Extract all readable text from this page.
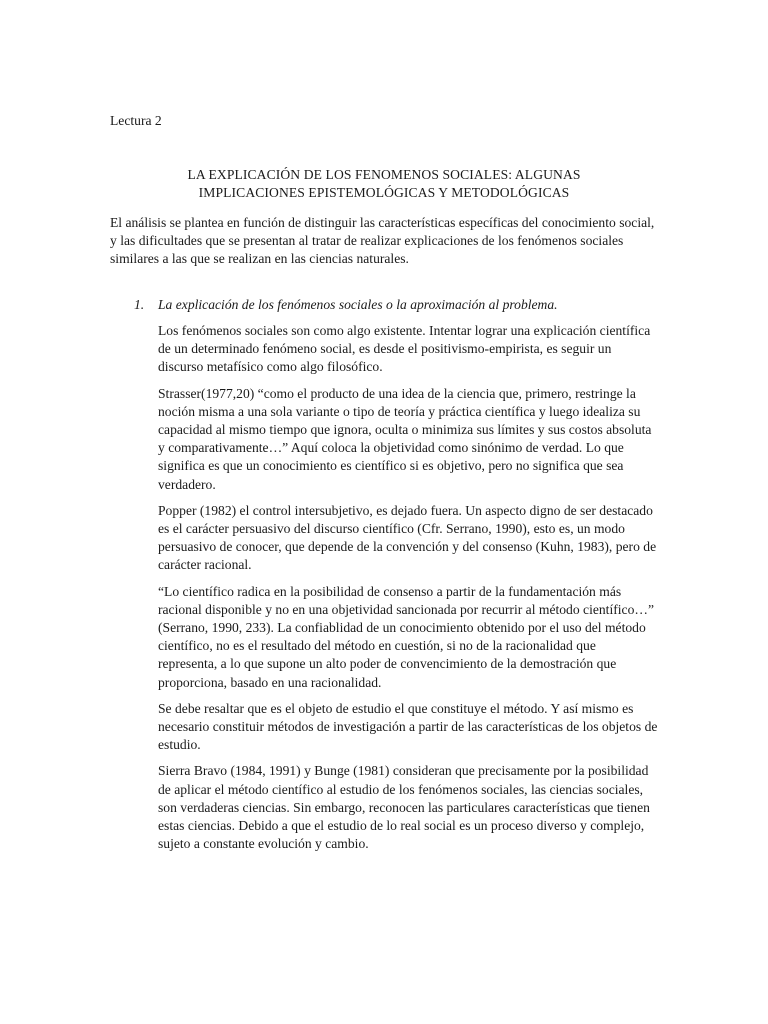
Lectura 2

LA EXPLICACIÓN DE LOS FENOMENOS SOCIALES: ALGUNAS
IMPLICACIONES EPISTEMOLÓGICAS Y METODOLÓGICAS

El análisis se plantea en función de distinguir las características específicas del conocimiento social, y las dificultades que se presentan al tratar de realizar explicaciones de los fenómenos sociales similares a las que se realizan en las ciencias naturales.

1.	La explicación de los fenómenos sociales o la aproximación al problema.

Los fenómenos sociales son como algo existente. Intentar lograr una explicación científica de un determinado fenómeno social, es desde el positivismo-empirista, es seguir un discurso metafísico como algo filosófico.

Strasser(1977,20) “como el producto de una idea de la ciencia que, primero, restringe la noción misma a una sola variante o tipo de teoría y práctica científica y luego idealiza su capacidad al mismo tiempo que ignora, oculta o minimiza sus límites y sus costos absoluta y comparativamente…” Aquí coloca la objetividad como sinónimo de verdad. Lo que significa es que un conocimiento es científico si es objetivo, pero no significa que sea verdadero.

Popper (1982) el control intersubjetivo, es dejado fuera. Un aspecto digno de ser destacado es el carácter persuasivo del discurso científico (Cfr. Serrano, 1990), esto es, un modo persuasivo de conocer, que depende de la convención y del consenso (Kuhn, 1983), pero de carácter racional.

“Lo científico radica en la posibilidad de consenso a partir de la fundamentación más racional disponible y no en una objetividad sancionada por recurrir al método científico…” (Serrano, 1990, 233). La confiablidad de un conocimiento obtenido por el uso del método científico, no es el resultado del método en cuestión, si no de la racionalidad que representa, a lo que supone un alto poder de convencimiento de la demostración que proporciona, basado en una racionalidad.

Se debe resaltar que es el objeto de estudio el que constituye el método. Y así mismo es necesario constituir métodos de investigación a partir de las características de los objetos de estudio.

Sierra Bravo (1984, 1991) y Bunge (1981) consideran que precisamente por la posibilidad de aplicar el método científico al estudio de los fenómenos sociales, las ciencias sociales, son verdaderas ciencias. Sin embargo, reconocen las particulares características que tienen estas ciencias. Debido a que el estudio de lo real social es un proceso diverso y complejo, sujeto a constante evolución y cambio.
